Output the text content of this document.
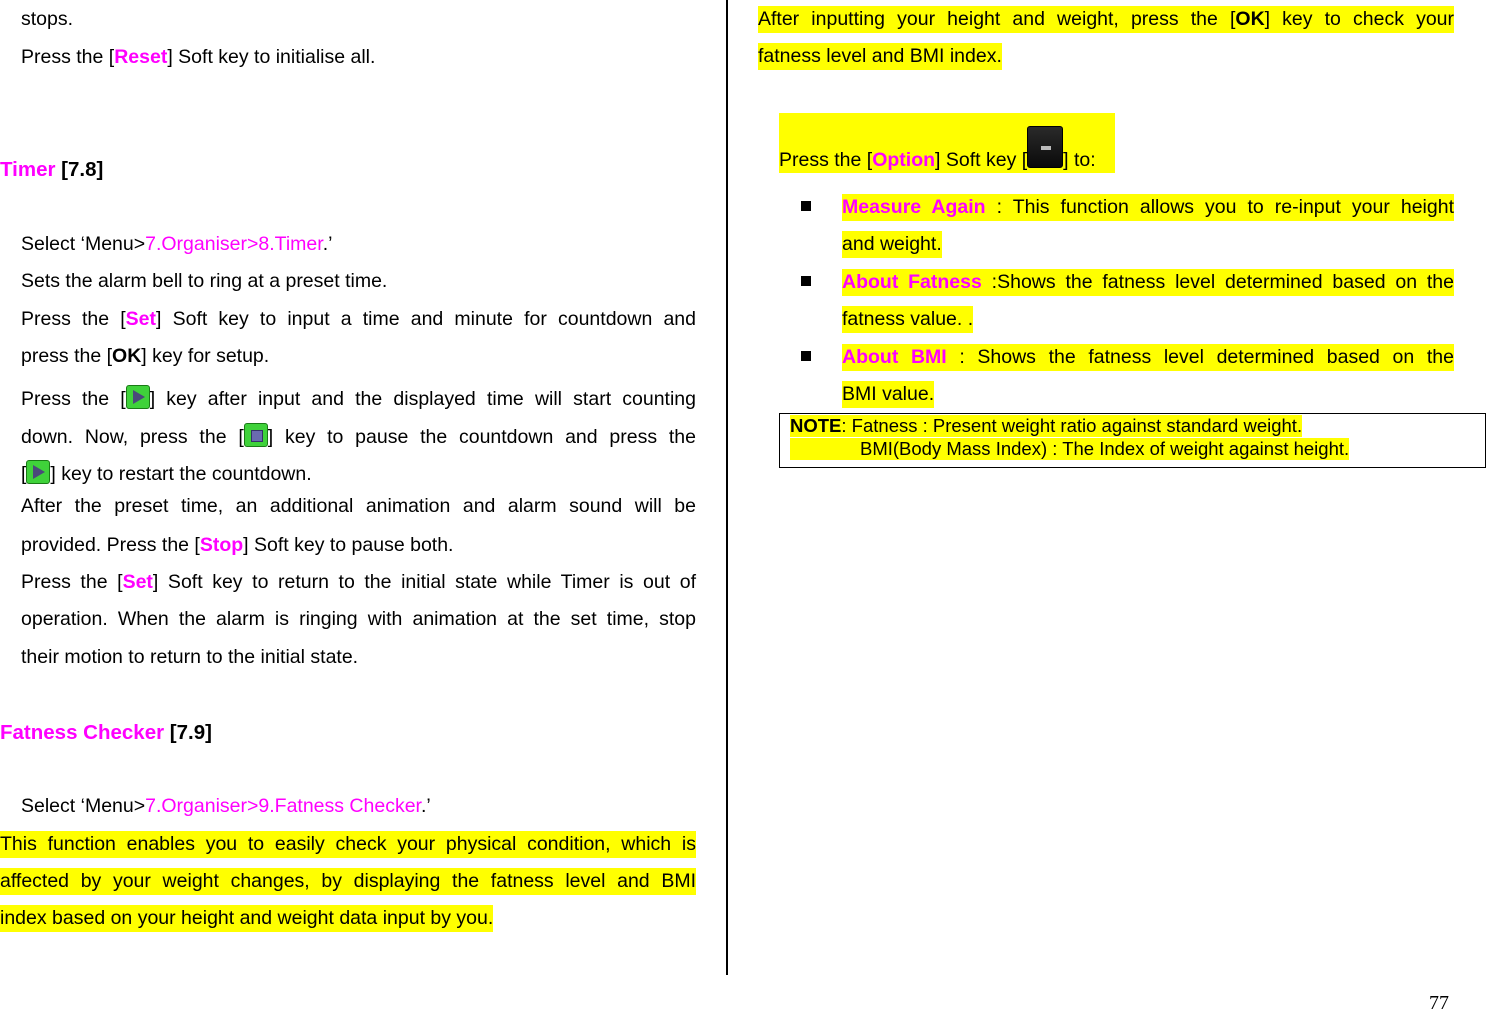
stops.
Press the [Reset] Soft key to initialise all.
Timer [7.8]
Select ‘Menu>7.Organiser>8.Timer.’
Sets the alarm bell to ring at a preset time.
Press the [Set] Soft key to input a time and minute for countdown and
press the [OK] key for setup.
Press the [ ] key after input and the displayed time will start counting
down. Now, press the [ ] key to pause the countdown and press the
[ ] key to restart the countdown.
After the preset time, an additional animation and alarm sound will be
provided. Press the [Stop] Soft key to pause both.
Press the [Set] Soft key to return to the initial state while Timer is out of
operation. When the alarm is ringing with animation at the set time, stop
their motion to return to the initial state.
Fatness Checker [7.9]
Select ‘Menu>7.Organiser>9.Fatness Checker.’
This function enables you to easily check your physical condition, which is
affected by your weight changes, by displaying the fatness level and BMI
index based on your height and weight data input by you.
After inputting your height and weight, press the [OK] key to check your
fatness level and BMI index.
Press the [Option] Soft key [ ] to:
Measure Again : This function allows you to re-input your height
and weight.
About Fatness :Shows the fatness level determined based on the
fatness value. .
About BMI : Shows the fatness level determined based on the
BMI value.
NOTE: Fatness : Present weight ratio against standard weight.
BMI(Body Mass Index) : The Index of weight against height.
77
